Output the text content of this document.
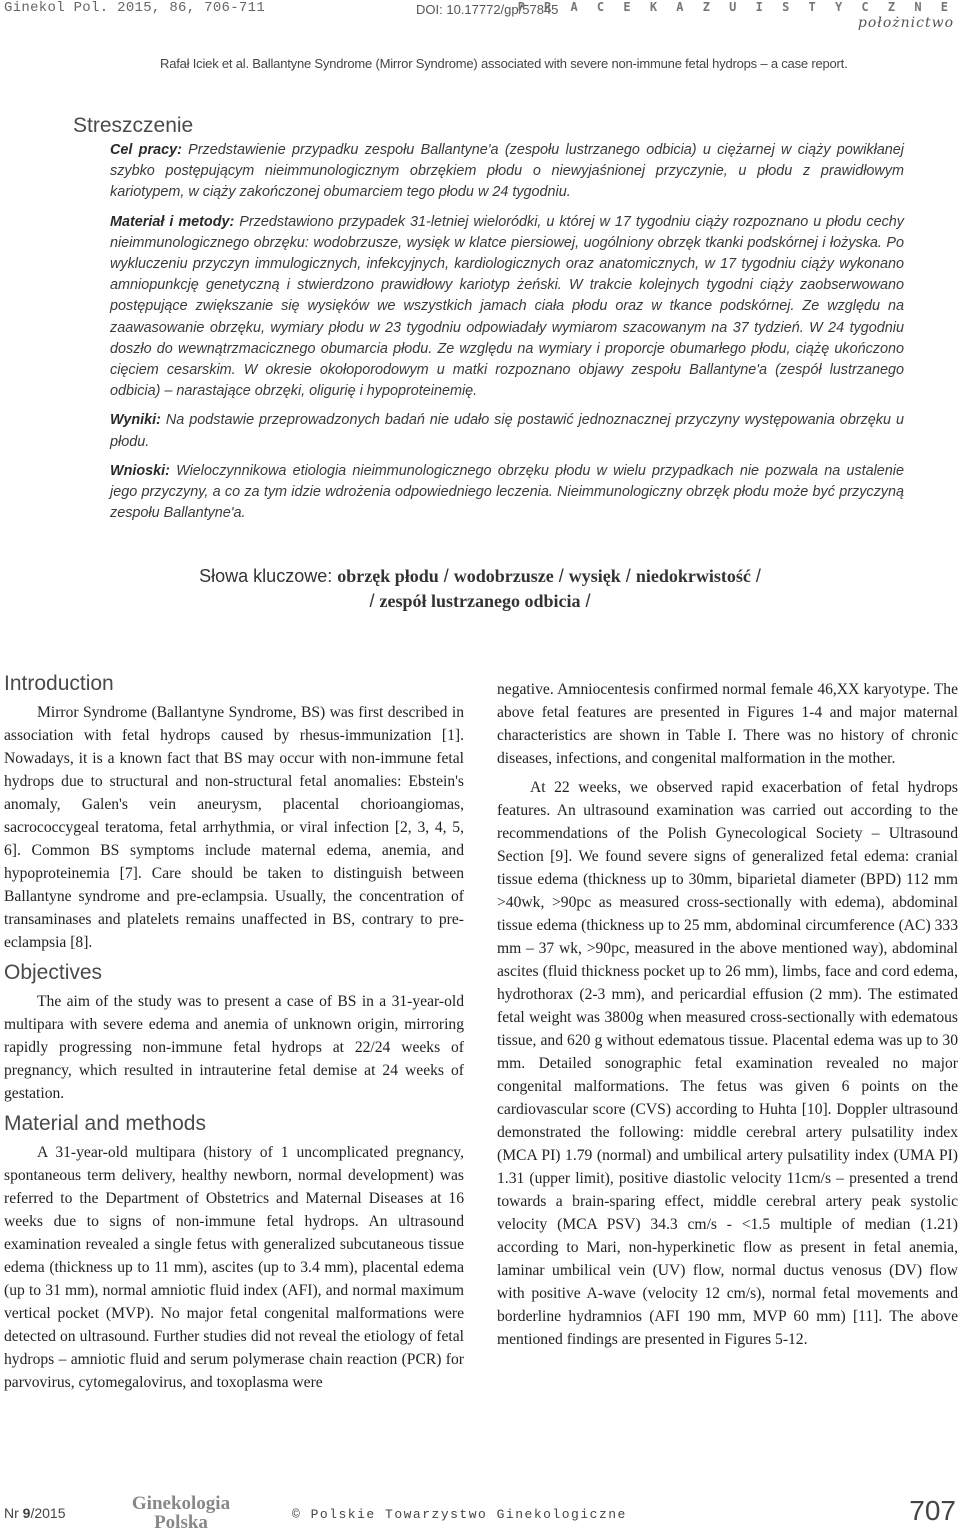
Ginekol Pol. 2015, 86, 706-711	DOI: 10.17772/gp/57845
P R A C E K A Z U I S T Y C Z N E
położnictwo
Rafał Iciek et al. Ballantyne Syndrome (Mirror Syndrome) associated with severe non-immune fetal hydrops – a case report.
Streszczenie

Cel pracy: Przedstawienie przypadku zespołu Ballantyne'a (zespołu lustrzanego odbicia) u ciężarnej w ciąży powikłanej szybko postępującym nieimmunologicznym obrzękiem płodu o niewyjaśnionej przyczynie, u płodu z prawidłowym kariotypem, w ciąży zakończonej obumarciem tego płodu w 24 tygodniu.

Materiał i metody: Przedstawiono przypadek 31-letniej wieloródki, u której w 17 tygodniu ciąży rozpoznano u płodu cechy nieimmunologicznego obrzęku: wodobrzusze, wysięk w klatce piersiowej, uogólniony obrzęk tkanki podskórnej i łożyska. Po wykluczeniu przyczyn immulogicznych, infekcyjnych, kardiologicznych oraz anatomicznych, w 17 tygodniu ciąży wykonano amniopunkcję genetyczną i stwierdzono prawidłowy kariotyp żeński. W trakcie kolejnych tygodni ciąży zaobserwowano postępujące zwiększanie się wysięków we wszystkich jamach ciała płodu oraz w tkance podskórnej. Ze względu na zaawasowanie obrzęku, wymiary płodu w 23 tygodniu odpowiadały wymiarom szacowanym na 37 tydzień. W 24 tygodniu doszło do wewnątrzmacicznego obumarcia płodu. Ze względu na wymiary i proporcje obumarłego płodu, ciążę ukończono cięciem cesarskim. W okresie okołoporodowym u matki rozpoznano objawy zespołu Ballantyne'a (zespół lustrzanego odbicia) – narastające obrzęki, oligurię i hypoproteinemię.

Wyniki: Na podstawie przeprowadzonych badań nie udało się postawić jednoznacznej przyczyny występowania obrzęku u płodu.

Wnioski: Wieloczynnikowa etiologia nieimmunologicznego obrzęku płodu w wielu przypadkach nie pozwala na ustalenie jego przyczyny, a co za tym idzie wdrożenia odpowiedniego leczenia. Nieimmunologiczny obrzęk płodu może być przyczyną zespołu Ballantyne'a.

Słowa kluczowe: obrzęk płodu / wodobrzusze / wysięk / niedokrwistość /
/ zespół lustrzanego odbicia /
Introduction

Mirror Syndrome (Ballantyne Syndrome, BS) was first described in association with fetal hydrops caused by rhesus-immunization [1]. Nowadays, it is a known fact that BS may occur with non-immune fetal hydrops due to structural and non-structural fetal anomalies: Ebstein's anomaly, Galen's vein aneurysm, placental chorioangiomas, sacrococcygeal teratoma, fetal arrhythmia, or viral infection [2, 3, 4, 5, 6]. Common BS symptoms include maternal edema, anemia, and hypoproteinemia [7]. Care should be taken to distinguish between Ballantyne syndrome and pre-eclampsia. Usually, the concentration of transaminases and platelets remains unaffected in BS, contrary to pre-eclampsia [8].

Objectives

The aim of the study was to present a case of BS in a 31-year-old multipara with severe edema and anemia of unknown origin, mirroring rapidly progressing non-immune fetal hydrops at 22/24 weeks of pregnancy, which resulted in intrauterine fetal demise at 24 weeks of gestation.

Material and methods

A 31-year-old multipara (history of 1 uncomplicated pregnancy, spontaneous term delivery, healthy newborn, normal development) was referred to the Department of Obstetrics and Maternal Diseases at 16 weeks due to signs of non-immune fetal hydrops. An ultrasound examination revealed a single fetus with generalized subcutaneous tissue edema (thickness up to 11 mm), ascites (up to 3.4 mm), placental edema (up to 31 mm), normal amniotic fluid index (AFI), and normal maximum vertical pocket (MVP). No major fetal congenital malformations were detected on ultrasound. Further studies did not reveal the etiology of fetal hydrops – amniotic fluid and serum polymerase chain reaction (PCR) for parvovirus, cytomegalovirus, and toxoplasma were

negative. Amniocentesis confirmed normal female 46,XX karyotype. The above fetal features are presented in Figures 1-4 and major maternal characteristics are shown in Table I. There was no history of chronic diseases, infections, and congenital malformation in the mother.

At 22 weeks, we observed rapid exacerbation of fetal hydrops features. An ultrasound examination was carried out according to the recommendations of the Polish Gynecological Society – Ultrasound Section [9]. We found severe signs of generalized fetal edema: cranial tissue edema (thickness up to 30mm, biparietal diameter (BPD) 112 mm >40wk, >90pc as measured cross-sectionally with edema), abdominal tissue edema (thickness up to 25 mm, abdominal circumference (AC) 333 mm – 37 wk, >90pc, measured in the above mentioned way), abdominal ascites (fluid thickness pocket up to 26 mm), limbs, face and cord edema, hydrothorax (2-3 mm), and pericardial effusion (2 mm). The estimated fetal weight was 3800g when measured cross-sectionally with edematous tissue, and 620 g without edematous tissue. Placental edema was up to 30 mm. Detailed sonographic fetal examination revealed no major congenital malformations. The fetus was given 6 points on the cardiovascular score (CVS) according to Huhta [10]. Doppler ultrasound demonstrated the following: middle cerebral artery pulsatility index (MCA PI) 1.79 (normal) and umbilical artery pulsatility index (UMA PI) 1.31 (upper limit), positive diastolic velocity 11cm/s – presented a trend towards a brain-sparing effect, middle cerebral artery peak systolic velocity (MCA PSV) 34.3 cm/s - <1.5 multiple of median (1.21) according to Mari, non-hyperkinetic flow as present in fetal anemia, laminar umbilical vein (UV) flow, normal ductus venosus (DV) flow with positive A-wave (velocity 12 cm/s), normal fetal movements and borderline hydramnios (AFI 190 mm, MVP 60 mm) [11]. The above mentioned findings are presented in Figures 5-12.

Nr 9/2015	Ginekologia
Polska	© Polskie Towarzystwo Ginekologiczne	707
